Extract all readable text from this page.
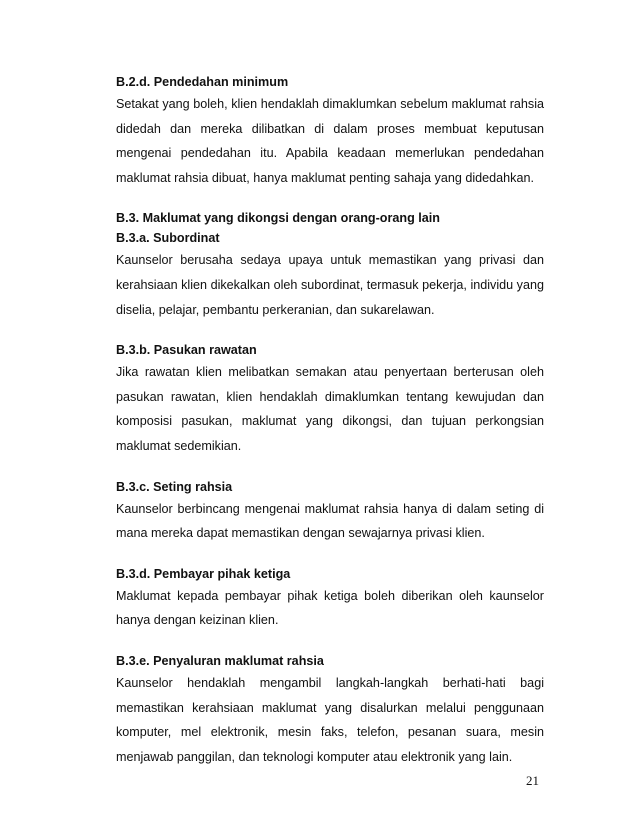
B.2.d. Pendedahan minimum

Setakat yang boleh, klien hendaklah dimaklumkan sebelum maklumat rahsia didedah dan mereka dilibatkan di dalam proses membuat keputusan mengenai pendedahan itu. Apabila keadaan memerlukan pendedahan maklumat rahsia dibuat, hanya maklumat penting sahaja yang didedahkan.

B.3. Maklumat yang dikongsi dengan orang-orang lain

B.3.a. Subordinat

Kaunselor berusaha sedaya upaya untuk memastikan yang privasi dan kerahsiaan klien dikekalkan oleh subordinat, termasuk pekerja, individu yang diselia, pelajar, pembantu perkeranian, dan sukarelawan.

B.3.b. Pasukan rawatan

Jika rawatan klien melibatkan semakan atau penyertaan berterusan oleh pasukan rawatan, klien hendaklah dimaklumkan tentang kewujudan dan komposisi pasukan, maklumat yang dikongsi, dan tujuan perkongsian maklumat sedemikian.

B.3.c. Seting rahsia

Kaunselor berbincang mengenai maklumat rahsia hanya di dalam seting di mana mereka dapat memastikan dengan sewajarnya privasi klien.

B.3.d. Pembayar pihak ketiga

Maklumat kepada pembayar pihak ketiga boleh diberikan oleh kaunselor hanya dengan keizinan klien.

B.3.e. Penyaluran maklumat rahsia

Kaunselor hendaklah mengambil langkah-langkah berhati-hati bagi memastikan kerahsiaan maklumat yang disalurkan melalui penggunaan komputer, mel elektronik, mesin faks, telefon, pesanan suara, mesin menjawab panggilan, dan teknologi komputer atau elektronik yang lain.

21
